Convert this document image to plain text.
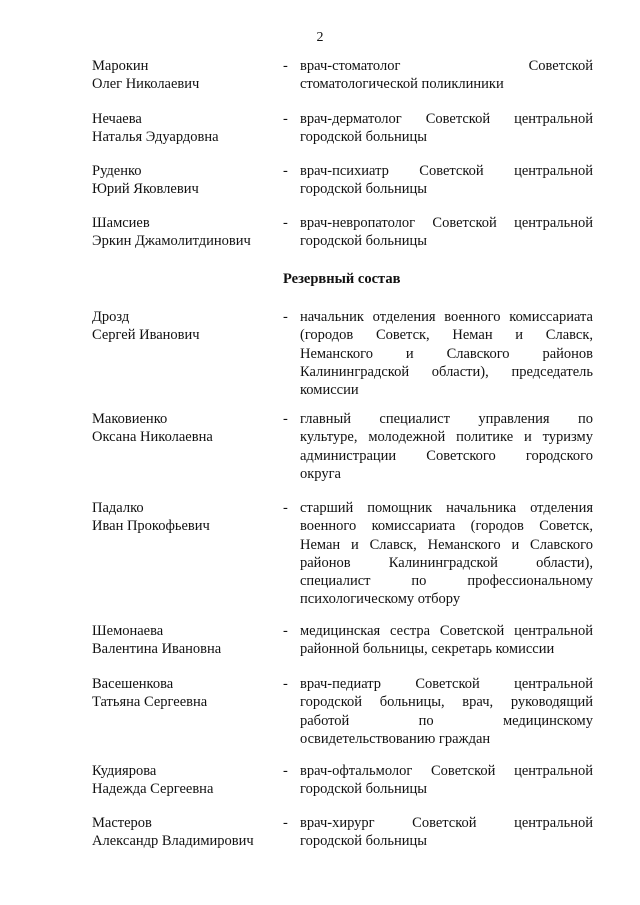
2
Резервный состав
Марокин
Олег Николаевич
- врач-стоматолог Советской
стоматологической поликлиники
Нечаева
Наталья Эдуардовна
- врач-дерматолог Советской центральной
городской больницы
Руденко
Юрий Яковлевич
- врач-психиатр Советской центральной
городской больницы
Шамсиев
Эркин Джамолитдинович
- врач-невропатолог Советской центральной
городской больницы
Дрозд
Сергей Иванович
- начальник отделения военного комиссариата
(городов Советск, Неман и Славск,
Неманского и Славского районов
Калининградской области), председатель
комиссии
Маковиенко
Оксана Николаевна
- главный специалист управления по
культуре, молодежной политике и туризму
администрации Советского городского
округа
Падалко
Иван Прокофьевич
- старший помощник начальника отделения
военного комиссариата (городов Советск,
Неман и Славск, Неманского и Славского
районов Калининградской области),
специалист по профессиональному
психологическому отбору
Шемонаева
Валентина Ивановна
- медицинская сестра Советской центральной
районной больницы, секретарь комиссии
Васешенкова
Татьяна Сергеевна
- врач-педиатр Советской центральной
городской больницы, врач, руководящий
работой по медицинскому
освидетельствованию граждан
Кудиярова
Надежда Сергеевна
- врач-офтальмолог Советской центральной
городской больницы
Мастеров
Александр Владимирович
- врач-хирург Советской центральной
городской больницы
